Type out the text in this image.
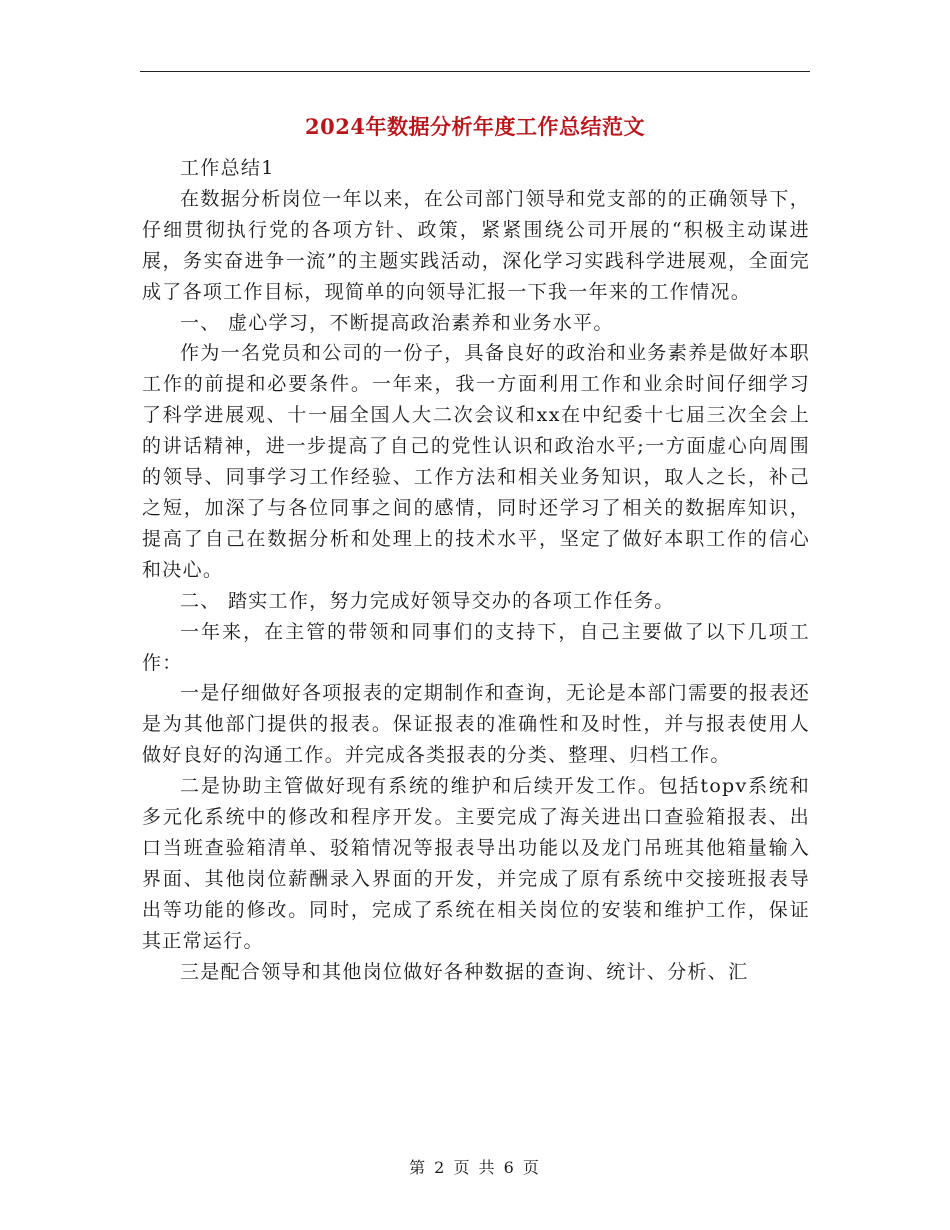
2024年数据分析年度工作总结范文

工作总结1

在数据分析岗位一年以来，在公司部门领导和党支部的的正确领导下，仔细贯彻执行党的各项方针、政策，紧紧围绕公司开展的“积极主动谋进展，务实奋进争一流”的主题实践活动，深化学习实践科学进展观，全面完成了各项工作目标，现简单的向领导汇报一下我一年来的工作情况。

一、 虚心学习，不断提高政治素养和业务水平。

作为一名党员和公司的一份子，具备良好的政治和业务素养是做好本职工作的前提和必要条件。一年来，我一方面利用工作和业余时间仔细学习了科学进展观、十一届全国人大二次会议和xx在中纪委十七届三次全会上的讲话精神，进一步提高了自己的党性认识和政治水平;一方面虚心向周围的领导、同事学习工作经验、工作方法和相关业务知识，取人之长，补己之短，加深了与各位同事之间的感情，同时还学习了相关的数据库知识，提高了自己在数据分析和处理上的技术水平，坚定了做好本职工作的信心和决心。

二、 踏实工作，努力完成好领导交办的各项工作任务。

一年来，在主管的带领和同事们的支持下，自己主要做了以下几项工作：

一是仔细做好各项报表的定期制作和查询，无论是本部门需要的报表还是为其他部门提供的报表。保证报表的准确性和及时性，并与报表使用人做好良好的沟通工作。并完成各类报表的分类、整理、归档工作。

二是协助主管做好现有系统的维护和后续开发工作。包括topv系统和多元化系统中的修改和程序开发。主要完成了海关进出口查验箱报表、出口当班查验箱清单、驳箱情况等报表导出功能以及龙门吊班其他箱量输入界面、其他岗位薪酬录入界面的开发，并完成了原有系统中交接班报表导出等功能的修改。同时，完成了系统在相关岗位的安装和维护工作，保证其正常运行。

三是配合领导和其他岗位做好各种数据的查询、统计、分析、汇

第 2 页 共 6 页
